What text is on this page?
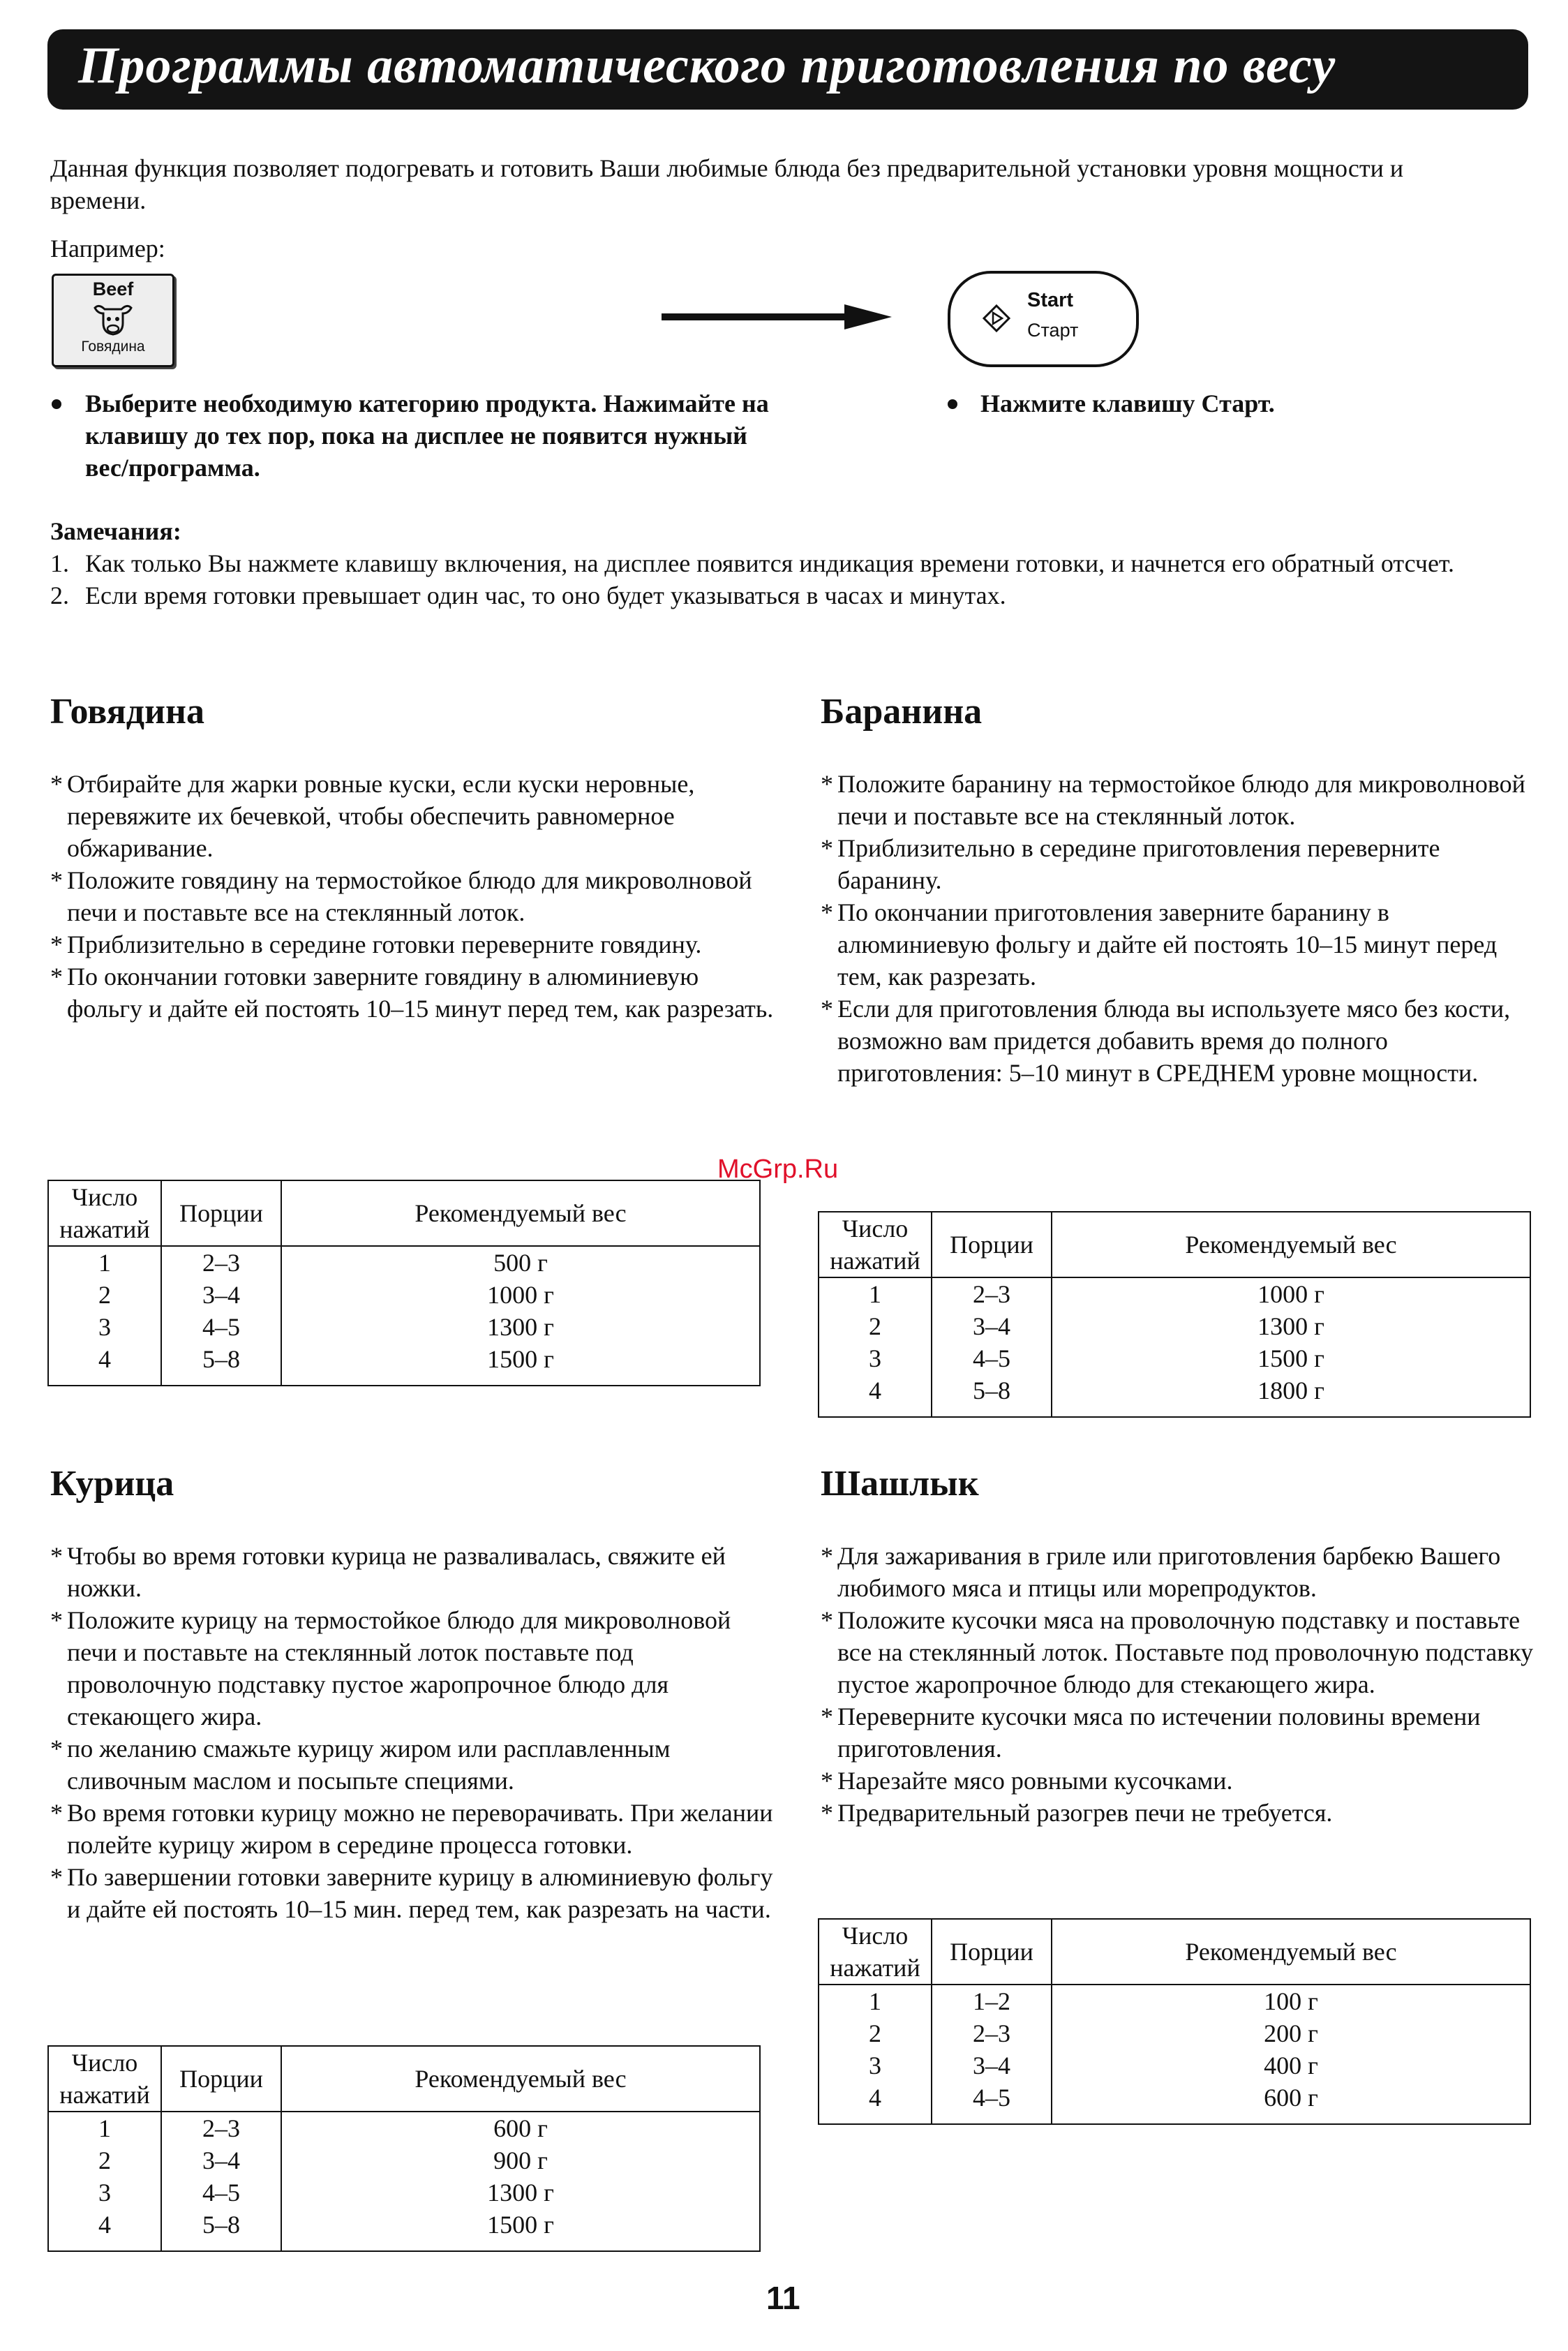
Программы автоматического приготовления по весу
Данная функция позволяет подогревать и готовить Ваши любимые блюда без предварительной установки уровня мощности и времени.
Например:
Beef
Говядина
Start
Старт
Выберите необходимую категорию продукта. Нажимайте на клавишу до тех пор, пока на дисплее не появится нужный вес/программа.
Нажмите клавишу Старт.
Замечания:
1. Как только Вы нажмете клавишу включения, на дисплее появится индикация времени готовки, и начнется его обратный отсчет.
2. Если время готовки превышает один час, то оно будет указываться в часах и минутах.
Говядина
* Отбирайте для жарки ровные куски, если куски неровные, перевяжите их бечевкой, чтобы обеспечить равномерное обжаривание.
* Положите говядину на термостойкое блюдо для микроволновой печи и поставьте все на стеклянный лоток.
* Приблизительно в середине готовки переверните говядину.
* По окончании готовки заверните говядину в алюминиевую фольгу и дайте ей постоять 10–15 минут перед тем, как разрезать.
Число нажатий	Порции	Рекомендуемый вес
1	2–3	500 г
2	3–4	1000 г
3	4–5	1300 г
4	5–8	1500 г

Баранина
* Положите баранину на термостойкое блюдо для микроволновой печи и поставьте все на стеклянный лоток.
* Приблизительно в середине приготовления переверните баранину.
* По окончании приготовления заверните баранину в алюминиевую фольгу и дайте ей постоять 10–15 минут перед тем, как разрезать.
* Если для приготовления блюда вы используете мясо без кости, возможно вам придется добавить время до полного приготовления: 5–10 минут в СРЕДНЕМ уровне мощности.
Число нажатий	Порции	Рекомендуемый вес
1	2–3	1000 г
2	3–4	1300 г
3	4–5	1500 г
4	5–8	1800 г

Курица
* Чтобы во время готовки курица не разваливалась, свяжите ей ножки.
* Положите курицу на термостойкое блюдо для микроволновой печи и поставьте на стеклянный лоток поставьте под проволочную подставку пустое жаропрочное блюдо для стекающего жира.
* по желанию смажьте курицу жиром или расплавленным сливочным маслом и посыпьте специями.
* Во время готовки курицу можно не переворачивать. При желании полейте курицу жиром в середине процесса готовки.
* По завершении готовки заверните курицу в алюминиевую фольгу и дайте ей постоять 10–15 мин. перед тем, как разрезать на части.
Число нажатий	Порции	Рекомендуемый вес
1	2–3	600 г
2	3–4	900 г
3	4–5	1300 г
4	5–8	1500 г

Шашлык
* Для зажаривания в гриле или приготовления барбекю Вашего любимого мяса и птицы или морепродуктов.
* Положите кусочки мяса на проволочную подставку и поставьте все на стеклянный лоток. Поставьте под проволочную подставку пустое жаропрочное блюдо для стекающего жира.
* Переверните кусочки мяса по истечении половины времени приготовления.
* Нарезайте мясо ровными кусочками.
* Предварительный разогрев печи не требуется.
Число нажатий	Порции	Рекомендуемый вес
1	1–2	100 г
2	2–3	200 г
3	3–4	400 г
4	4–5	600 г

McGrp.Ru
11
